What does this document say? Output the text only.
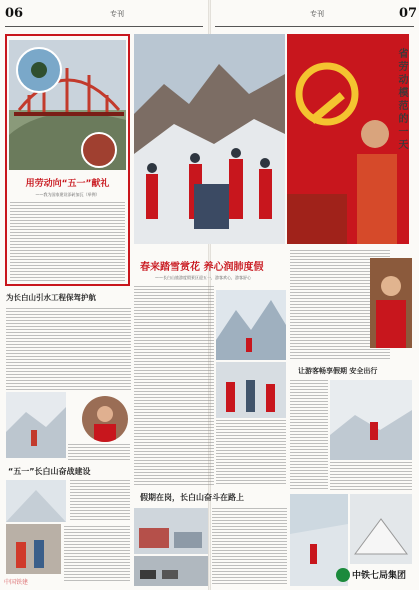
06	专刊	专刊	07
用劳动向“五一”献礼
——我为国家建设添砖加瓦（举例）
为长白山引水工程保驾护航
“五一”长白山奋战建设
春来踏雪赏花 养心润肺度假
——长白山旅游度假景区迎五一，游客欢心，游客舒心
假期在岗，长白山奋斗在路上
省劳动模范的一天
让游客畅享假期 安全出行
中国铁建
中铁七局集团
